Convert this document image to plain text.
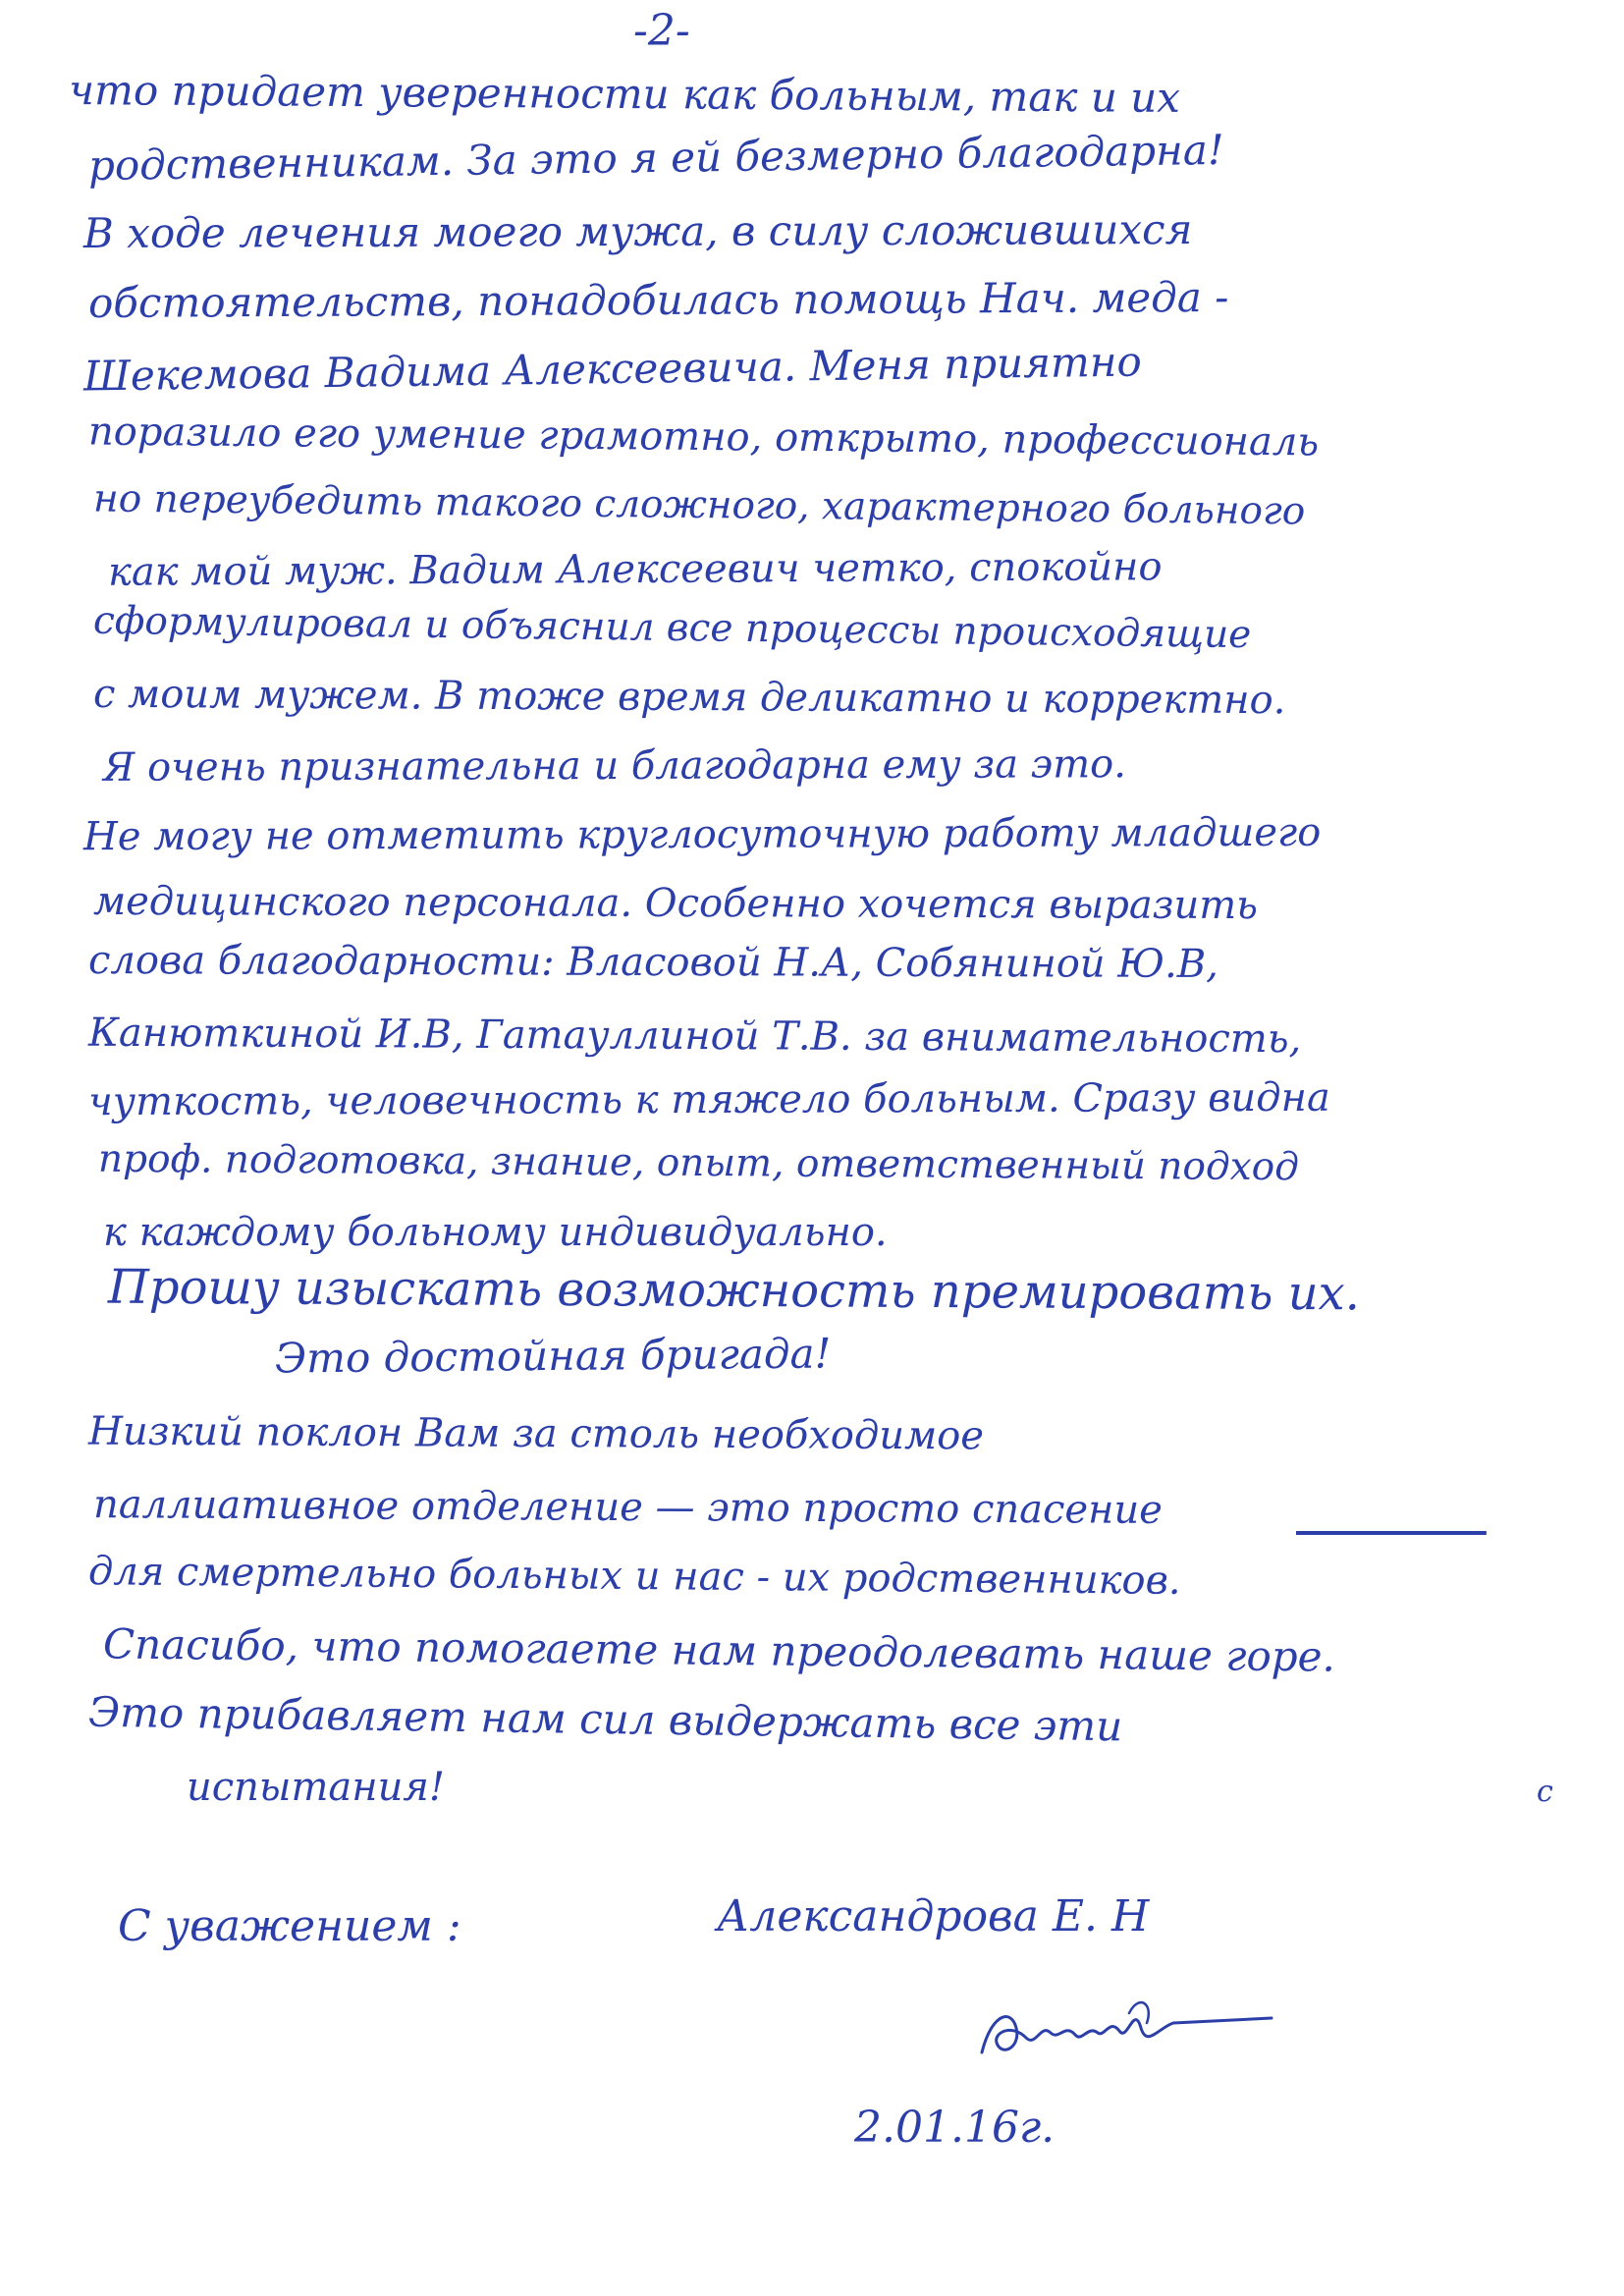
-2-
что придает уверенности как больным, так и их
родственникам. За это я ей безмерно благодарна!
В ходе лечения моего мужа, в силу сложившихся
обстоятельств, понадобилась помощь Нач. меда -
Шекемова Вадима Алексеевича. Меня приятно
поразило его умение грамотно, открыто, профессиональ
но переубедить такого сложного, характерного больного
как мой муж. Вадим Алексеевич четко, спокойно
сформулировал и объяснил все процессы происходящие
с моим мужем. В тоже время деликатно и корректно.
Я очень признательна и благодарна ему за это.
Не могу не отметить круглосуточную работу младшего
медицинского персонала. Особенно хочется выразить
слова благодарности: Власовой Н.А, Собяниной Ю.В,
Канюткиной И.В, Гатауллиной Т.В. за внимательность,
чуткость, человечность к тяжело больным. Сразу видна
проф. подготовка, знание, опыт, ответственный подход
к каждому больному индивидуально.
Прошу изыскать возможность премировать их.
Это достойная бригада!
Низкий поклон Вам за столь необходимое
паллиативное отделение — это просто спасение
для смертельно больных и нас - их родственников.
Спасибо, что помогаете нам преодолевать наше горе.
Это прибавляет нам сил выдержать все эти
испытания!	с
С уважением :	Александрова Е. Н
2.01.16г.
